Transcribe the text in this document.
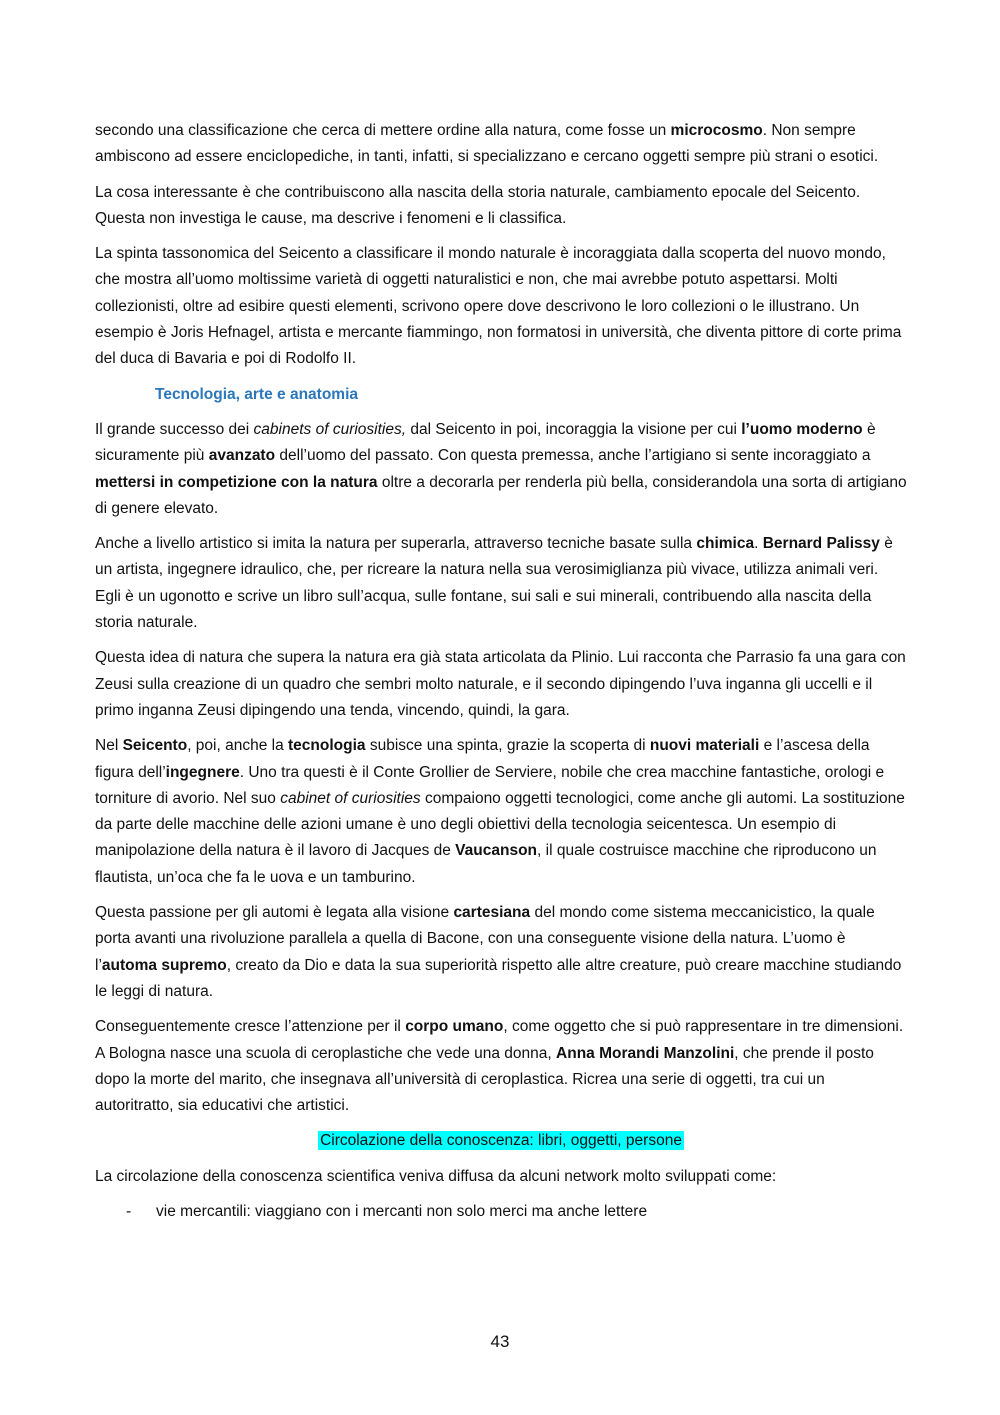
secondo una classificazione che cerca di mettere ordine alla natura, come fosse un microcosmo. Non sempre ambiscono ad essere enciclopediche, in tanti, infatti, si specializzano e cercano oggetti sempre più strani o esotici.

La cosa interessante è che contribuiscono alla nascita della storia naturale, cambiamento epocale del Seicento. Questa non investiga le cause, ma descrive i fenomeni e li classifica.

La spinta tassonomica del Seicento a classificare il mondo naturale è incoraggiata dalla scoperta del nuovo mondo, che mostra all’uomo moltissime varietà di oggetti naturalistici e non, che mai avrebbe potuto aspettarsi. Molti collezionisti, oltre ad esibire questi elementi, scrivono opere dove descrivono le loro collezioni o le illustrano. Un esempio è Joris Hefnagel, artista e mercante fiammingo, non formatosi in università, che diventa pittore di corte prima del duca di Bavaria e poi di Rodolfo II.

Tecnologia, arte e anatomia

Il grande successo dei cabinets of curiosities, dal Seicento in poi, incoraggia la visione per cui l’uomo moderno è sicuramente più avanzato dell’uomo del passato. Con questa premessa, anche l’artigiano si sente incoraggiato a mettersi in competizione con la natura oltre a decorarla per renderla più bella, considerandola una sorta di artigiano di genere elevato.

Anche a livello artistico si imita la natura per superarla, attraverso tecniche basate sulla chimica. Bernard Palissy è un artista, ingegnere idraulico, che, per ricreare la natura nella sua verosimiglianza più vivace, utilizza animali veri. Egli è un ugonotto e scrive un libro sull’acqua, sulle fontane, sui sali e sui minerali, contribuendo alla nascita della storia naturale.

Questa idea di natura che supera la natura era già stata articolata da Plinio. Lui racconta che Parrasio fa una gara con Zeusi sulla creazione di un quadro che sembri molto naturale, e il secondo dipingendo l’uva inganna gli uccelli e il primo inganna Zeusi dipingendo una tenda, vincendo, quindi, la gara.

Nel Seicento, poi, anche la tecnologia subisce una spinta, grazie la scoperta di nuovi materiali e l’ascesa della figura dell’ingegnere. Uno tra questi è il Conte Grollier de Serviere, nobile che crea macchine fantastiche, orologi e torniture di avorio. Nel suo cabinet of curiosities compaiono oggetti tecnologici, come anche gli automi. La sostituzione da parte delle macchine delle azioni umane è uno degli obiettivi della tecnologia seicentesca. Un esempio di manipolazione della natura è il lavoro di Jacques de Vaucanson, il quale costruisce macchine che riproducono un flautista, un’oca che fa le uova e un tamburino.

Questa passione per gli automi è legata alla visione cartesiana del mondo come sistema meccanicistico, la quale porta avanti una rivoluzione parallela a quella di Bacone, con una conseguente visione della natura. L’uomo è l’automa supremo, creato da Dio e data la sua superiorità rispetto alle altre creature, può creare macchine studiando le leggi di natura.

Conseguentemente cresce l’attenzione per il corpo umano, come oggetto che si può rappresentare in tre dimensioni. A Bologna nasce una scuola di ceroplastiche che vede una donna, Anna Morandi Manzolini, che prende il posto dopo la morte del marito, che insegnava all’università di ceroplastica. Ricrea una serie di oggetti, tra cui un autoritratto, sia educativi che artistici.

Circolazione della conoscenza: libri, oggetti, persone

La circolazione della conoscenza scientifica veniva diffusa da alcuni network molto sviluppati come:

- vie mercantili: viaggiano con i mercanti non solo merci ma anche lettere
43
